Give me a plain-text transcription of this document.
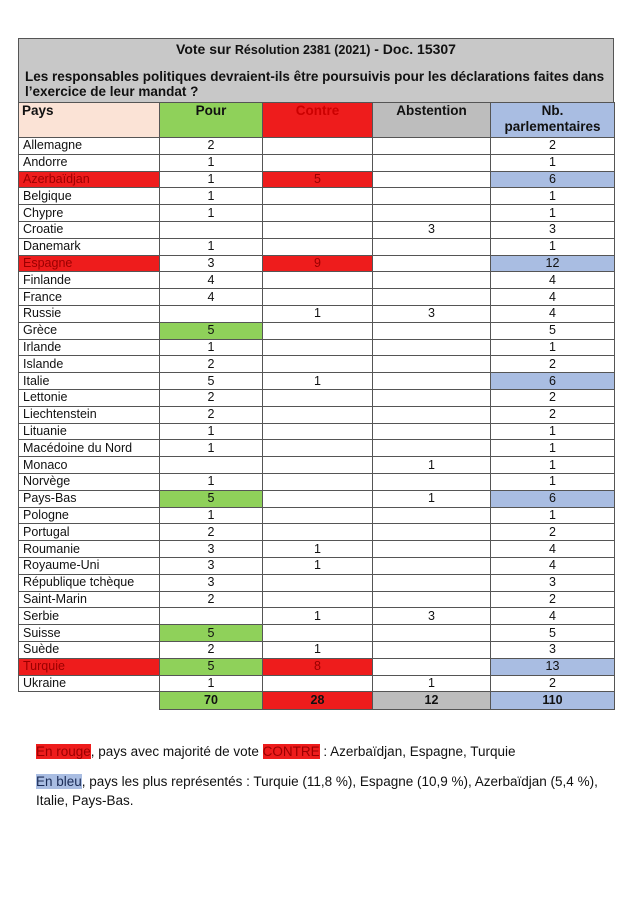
Vote sur Résolution 2381 (2021) - Doc. 15307
Les responsables politiques devraient-ils être poursuivis pour les déclarations faites dans l’exercice de leur mandat ?
Pays	Pour	Contre	Abstention	Nb. parlementaires
Allemagne	2			2
Andorre	1			1
Azerbaïdjan	1	5		6
Belgique	1			1
Chypre	1			1
Croatie			3	3
Danemark	1			1
Espagne	3	9		12
Finlande	4			4
France	4			4
Russie		1	3	4
Grèce	5			5
Irlande	1			1
Islande	2			2
Italie	5	1		6
Lettonie	2			2
Liechtenstein	2			2
Lituanie	1			1
Macédoine du Nord	1			1
Monaco			1	1
Norvège	1			1
Pays-Bas	5		1	6
Pologne	1			1
Portugal	2			2
Roumanie	3	1		4
Royaume-Uni	3	1		4
République tchèque	3			3
Saint-Marin	2			2
Serbie		1	3	4
Suisse	5			5
Suède	2	1		3
Turquie	5	8		13
Ukraine	1		1	2
	70	28	12	110
En rouge, pays avec majorité de vote CONTRE : Azerbaïdjan, Espagne, Turquie
En bleu, pays les plus représentés : Turquie (11,8 %), Espagne (10,9 %), Azerbaïdjan (5,4 %), Italie, Pays-Bas.
